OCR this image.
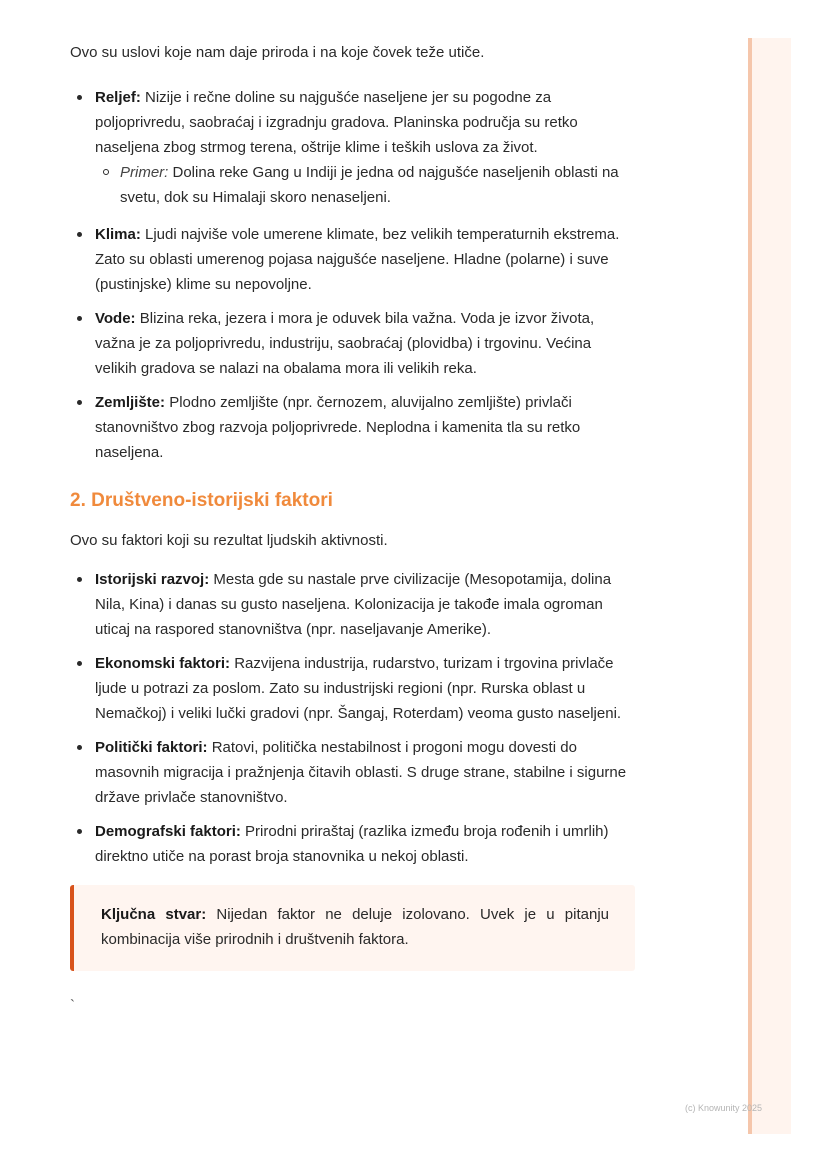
Ovo su uslovi koje nam daje priroda i na koje čovek teže utiče.

Reljef: Nizije i rečne doline su najgušće naseljene jer su pogodne za poljoprivredu, saobraćaj i izgradnju gradova. Planinska područja su retko naseljena zbog strmog terena, oštrije klime i teških uslova za život.
Primer: Dolina reke Gang u Indiji je jedna od najgušće naseljenih oblasti na svetu, dok su Himalaji skoro nenaseljeni.
Klima: Ljudi najviše vole umerene klimate, bez velikih temperaturnih ekstrema. Zato su oblasti umerenog pojasa najgušće naseljene. Hladne (polarne) i suve (pustinjske) klime su nepovoljne.
Vode: Blizina reka, jezera i mora je oduvek bila važna. Voda je izvor života, važna je za poljoprivredu, industriju, saobraćaj (plovidba) i trgovinu. Većina velikih gradova se nalazi na obalama mora ili velikih reka.
Zemljište: Plodno zemljište (npr. černozem, aluvijalno zemljište) privlači stanovništvo zbog razvoja poljoprivrede. Neplodna i kamenita tla su retko naseljena.
2. Društveno-istorijski faktori

Ovo su faktori koji su rezultat ljudskih aktivnosti.

Istorijski razvoj: Mesta gde su nastale prve civilizacije (Mesopotamija, dolina Nila, Kina) i danas su gusto naseljena. Kolonizacija je takođe imala ogroman uticaj na raspored stanovništva (npr. naseljavanje Amerike).
Ekonomski faktori: Razvijena industrija, rudarstvo, turizam i trgovina privlače ljude u potrazi za poslom. Zato su industrijski regioni (npr. Rurska oblast u Nemačkoj) i veliki lučki gradovi (npr. Šangaj, Roterdam) veoma gusto naseljeni.
Politički faktori: Ratovi, politička nestabilnost i progoni mogu dovesti do masovnih migracija i pražnjenja čitavih oblasti. S druge strane, stabilne i sigurne države privlače stanovništvo.
Demografski faktori: Prirodni priraštaj (razlika između broja rođenih i umrlih) direktno utiče na porast broja stanovnika u nekoj oblasti.
Ključna stvar: Nijedan faktor ne deluje izolovano. Uvek je u pitanju kombinacija više prirodnih i društvenih faktora.

`

(c) Knowunity 2025
